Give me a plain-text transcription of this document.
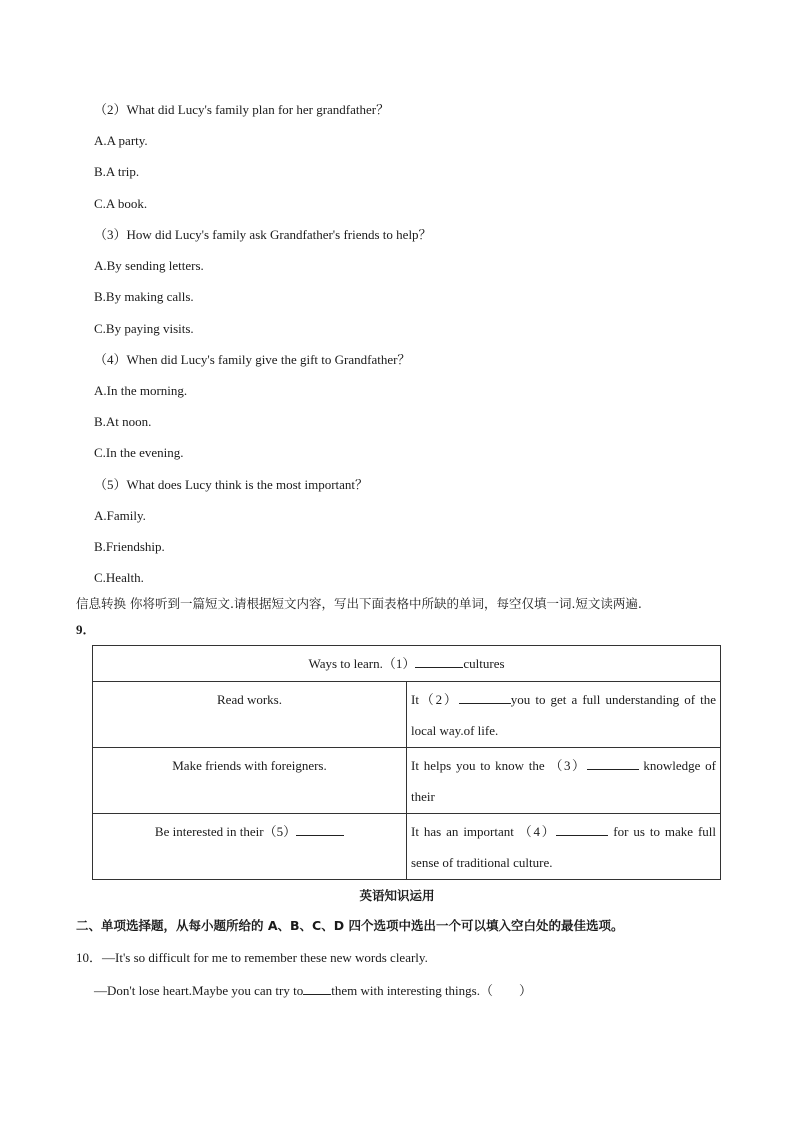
（2）What did Lucy's family plan for her grandfather？
A.A party.
B.A trip.
C.A book.
（3）How did Lucy's family ask Grandfather's friends to help？
A.By sending letters.
B.By making calls.
C.By paying visits.
（4）When did Lucy's family give the gift to Grandfather？
A.In the morning.
B.At noon.
C.In the evening.
（5）What does Lucy think is the most important？
A.Family.
B.Friendship.
C.Health.
信息转换 你将听到一篇短文.请根据短文内容，写出下面表格中所缺的单词，每空仅填一词.短文读两遍.
9．
Ways to learn.（1） cultures	
Read works.	It（2） you to get a full understanding of the local way.of life.
Make friends with foreigners.	It helps you to know the （3） knowledge of their
Be interested in their（5）	It has an important （4） for us to make full sense of traditional culture.
英语知识运用
二、单项选择题，从每小题所给的 A、B、C、D 四个选项中选出一个可以填入空白处的最佳选项。
10．—It's so difficult for me to remember these new words clearly.
—Don't lose heart.Maybe you can try to them with interesting things.（　　）
